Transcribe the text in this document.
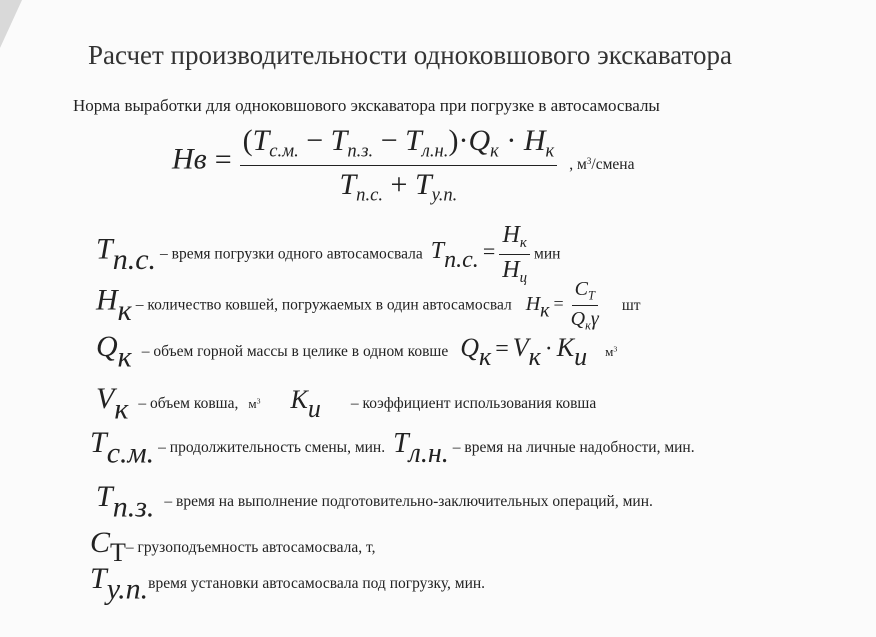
Расчет производительности одноковшового экскаватора
Норма выработки для одноковшового экскаватора при погрузке в автосамосвалы
Нв =
$(T_{с.м.} - T_{п.з.} - T_{л.н.})\cdot Q_к \cdot H_к$
$T_{п.с.} + T_{у.п.}$
, $м^3$/смена
Tп.с. – время погрузки одного автосамосвала Tп.с. = $\frac{H_к}{H_ц}$ мин
Hк – количество ковшей, погружаемых в один автосамосвал Hк = $\frac{C_Т}{Q_к\gamma}$ шт
Qк – объем горной массы в целике в одном ковше Qк = Vк · Kи $м^3$
Vк – объем ковша, $м^3$ Kи – коэффициент использования ковша
Tс.м. – продолжительность смены, мин. Tл.н. – время на личные надобности, мин.
Tп.з. – время на выполнение подготовительно-заключительных операций, мин.
CТ– грузоподъемность автосамосвала, т,
Tу.п.время установки автосамосвала под погрузку, мин.
